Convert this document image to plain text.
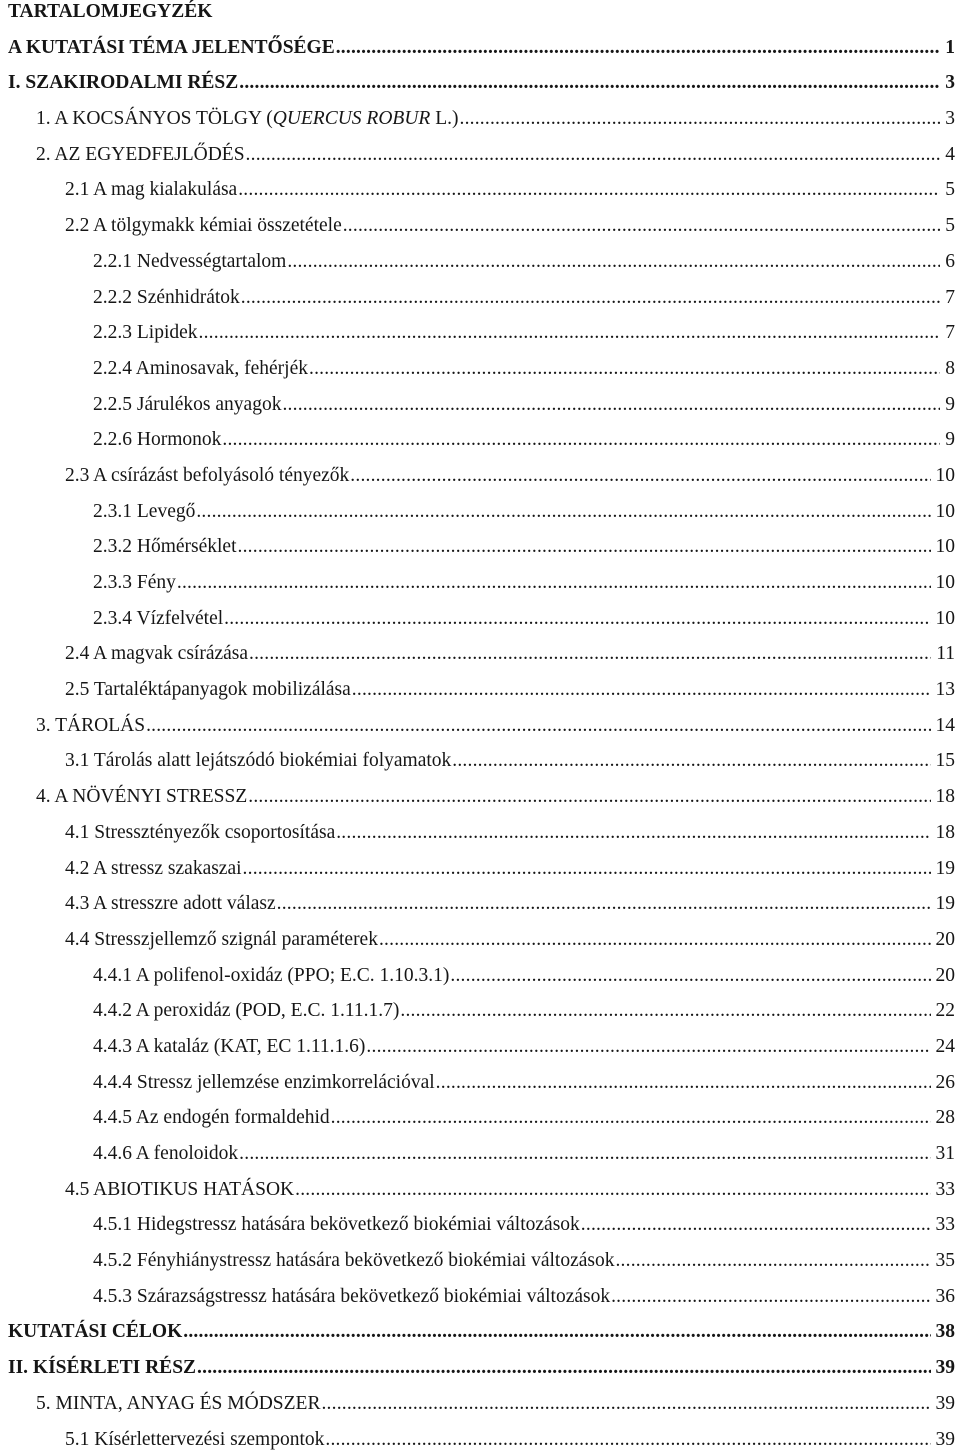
TARTALOMJEGYZÉK
A KUTATÁSI TÉMA JELENTŐSÉGE .....	1
I. SZAKIRODALMI RÉSZ .....	3
1. A KOCSÁNYOS TÖLGY (QUERCUS ROBUR L.) .....	3
2. AZ EGYEDFEJLŐDÉS .....	4
2.1 A mag kialakulása .....	5
2.2 A tölgymakk kémiai összetétele .....	5
2.2.1 Nedvességtartalom .....	6
2.2.2 Szénhidrátok .....	7
2.2.3 Lipidek .....	7
2.2.4 Aminosavak, fehérjék .....	8
2.2.5 Járulékos anyagok .....	9
2.2.6 Hormonok .....	9
2.3 A csírázást befolyásoló tényezők .....	10
2.3.1 Levegő .....	10
2.3.2 Hőmérséklet .....	10
2.3.3 Fény .....	10
2.3.4 Vízfelvétel .....	10
2.4 A magvak csírázása .....	11
2.5 Tartaléktápanyagok mobilizálása .....	13
3. TÁROLÁS .....	14
3.1 Tárolás alatt lejátszódó biokémiai folyamatok .....	15
4. A NÖVÉNYI STRESSZ .....	18
4.1 Stressztényezők csoportosítása .....	18
4.2 A stressz szakaszai .....	19
4.3 A stresszre adott válasz .....	19
4.4 Stresszjellemző szignál paraméterek .....	20
4.4.1 A polifenol-oxidáz (PPO; E.C. 1.10.3.1) .....	20
4.4.2 A peroxidáz (POD, E.C. 1.11.1.7) .....	22
4.4.3 A kataláz (KAT, EC 1.11.1.6) .....	24
4.4.4 Stressz jellemzése enzimkorrelációval .....	26
4.4.5 Az endogén formaldehid .....	28
4.4.6 A fenoloidok .....	31
4.5 ABIOTIKUS HATÁSOK .....	33
4.5.1 Hidegstressz hatására bekövetkező biokémiai változások .....	33
4.5.2 Fényhiánystressz hatására bekövetkező biokémiai változások .....	35
4.5.3 Szárazságstressz hatására bekövetkező biokémiai változások .....	36
KUTATÁSI CÉLOK .....	38
II. KÍSÉRLETI RÉSZ .....	39
5. MINTA, ANYAG ÉS MÓDSZER .....	39
5.1 Kísérlettervezési szempontok .....	39
